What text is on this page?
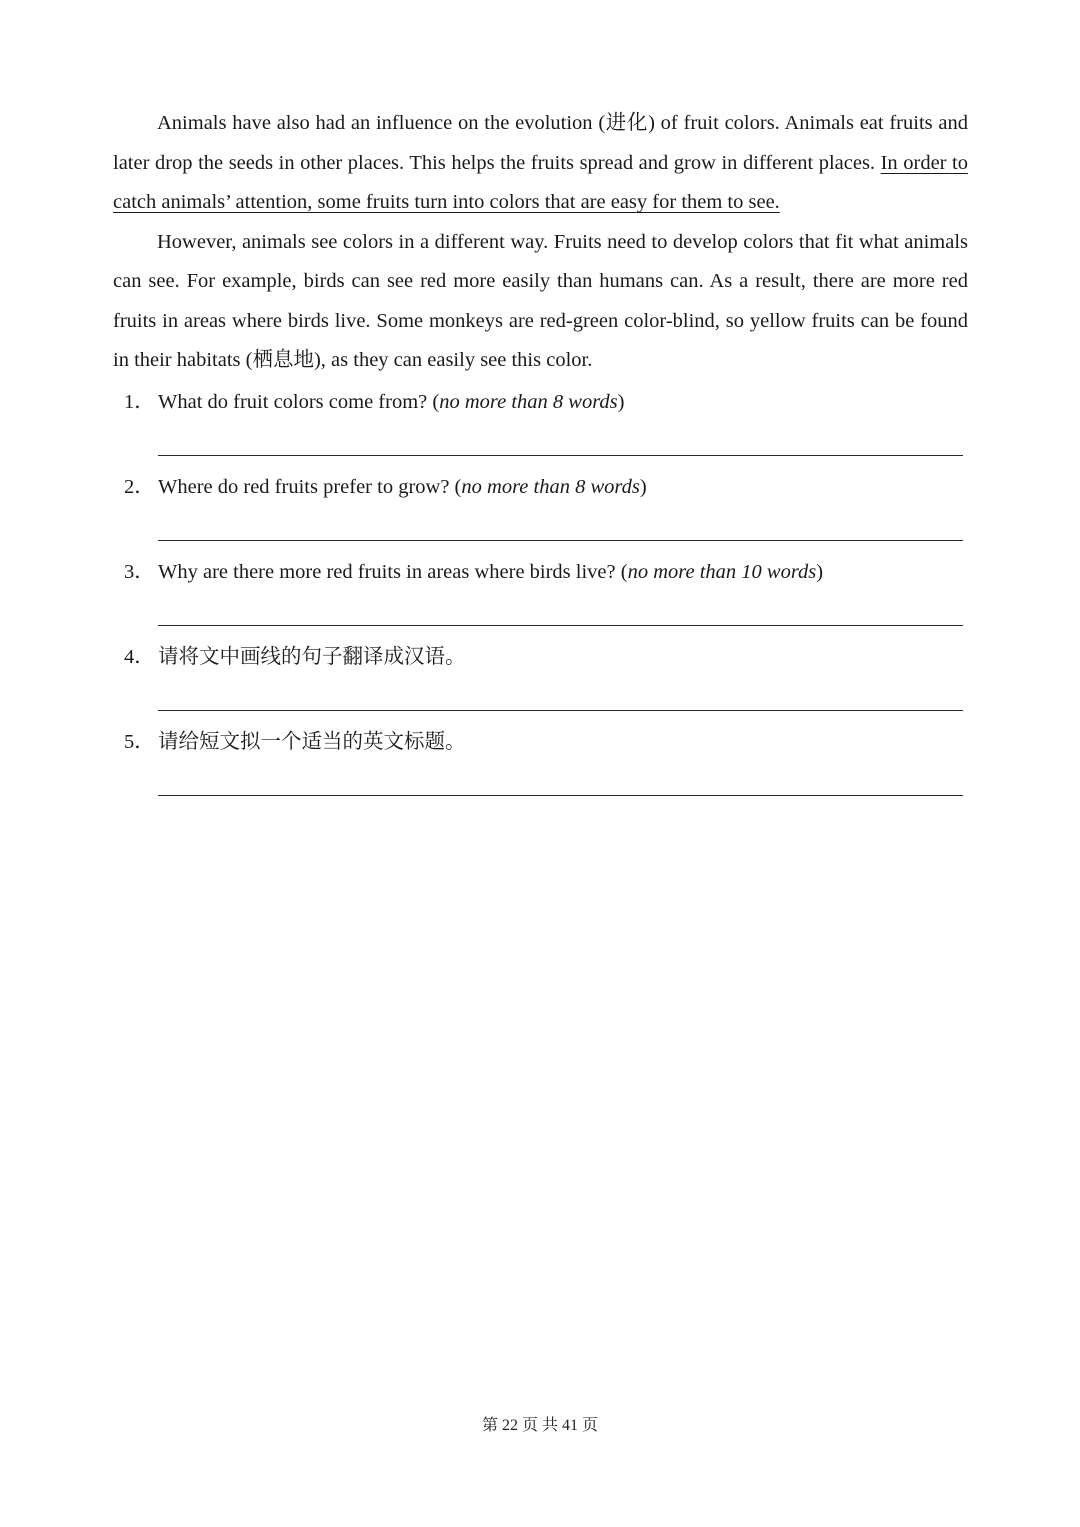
Animals have also had an influence on the evolution (进化) of fruit colors. Animals eat fruits and later drop the seeds in other places. This helps the fruits spread and grow in different places. In order to catch animals’ attention, some fruits turn into colors that are easy for them to see.

However, animals see colors in a different way. Fruits need to develop colors that fit what animals can see. For example, birds can see red more easily than humans can. As a result, there are more red fruits in areas where birds live. Some monkeys are red-green color-blind, so yellow fruits can be found in their habitats (栖息地), as they can easily see this color.

1． What do fruit colors come from? (no more than 8 words)
2． Where do red fruits prefer to grow? (no more than 8 words)
3． Why are there more red fruits in areas where birds live? (no more than 10 words)
4． 请将文中画线的句子翻译成汉语。
5． 请给短文拟一个适当的英文标题。
第 22 页 共 41 页
